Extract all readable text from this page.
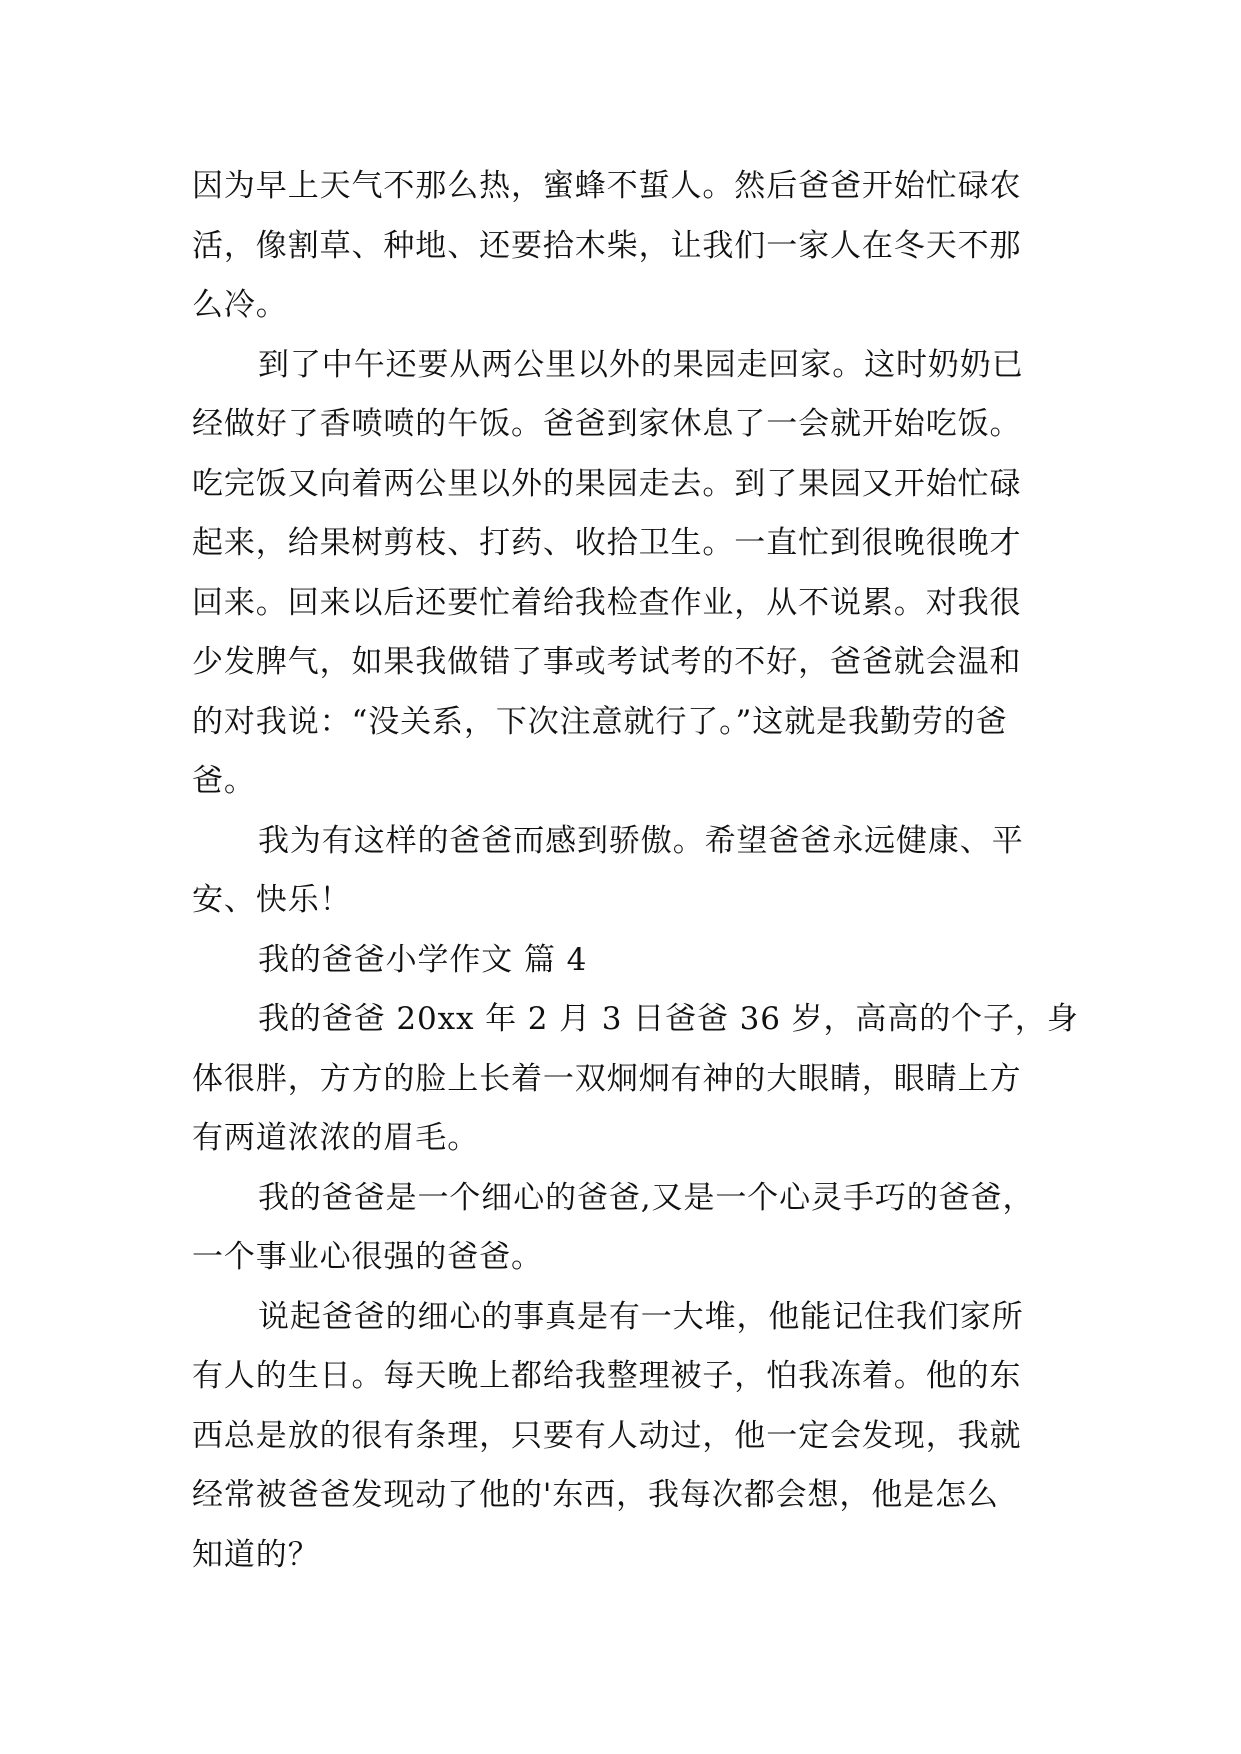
因为早上天气不那么热，蜜蜂不蜇人。然后爸爸开始忙碌农
活，像割草、种地、还要拾木柴，让我们一家人在冬天不那
么冷。
到了中午还要从两公里以外的果园走回家。这时奶奶已
经做好了香喷喷的午饭。爸爸到家休息了一会就开始吃饭。
吃完饭又向着两公里以外的果园走去。到了果园又开始忙碌
起来，给果树剪枝、打药、收拾卫生。一直忙到很晚很晚才
回来。回来以后还要忙着给我检查作业，从不说累。对我很
少发脾气，如果我做错了事或考试考的不好，爸爸就会温和
的对我说：“没关系，下次注意就行了。”这就是我勤劳的爸
爸。
我为有这样的爸爸而感到骄傲。希望爸爸永远健康、平
安、快乐！
我的爸爸小学作文 篇 4
我的爸爸 20xx 年 2 月 3 日爸爸 36 岁，高高的个子，身
体很胖，方方的脸上长着一双炯炯有神的大眼睛，眼睛上方
有两道浓浓的眉毛。
我的爸爸是一个细心的爸爸,又是一个心灵手巧的爸爸，
一个事业心很强的爸爸。
说起爸爸的细心的事真是有一大堆，他能记住我们家所
有人的生日。每天晚上都给我整理被子，怕我冻着。他的东
西总是放的很有条理，只要有人动过，他一定会发现，我就
经常被爸爸发现动了他的'东西，我每次都会想，他是怎么
知道的？
